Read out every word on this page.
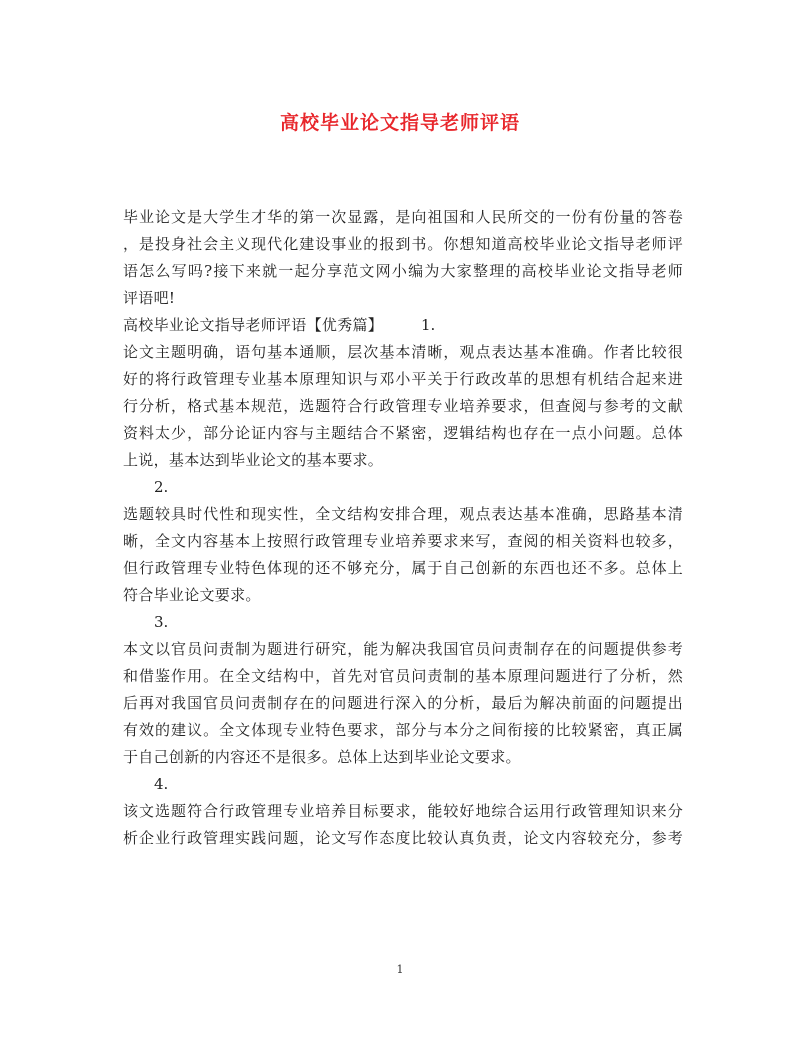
高校毕业论文指导老师评语
毕业论文是大学生才华的第一次显露，是向祖国和人民所交的一份有份量的答卷
，是投身社会主义现代化建设事业的报到书。你想知道高校毕业论文指导老师评
语怎么写吗?接下来就一起分享范文网小编为大家整理的高校毕业论文指导老师
评语吧!
高校毕业论文指导老师评语【优秀篇】	1.
论文主题明确，语句基本通顺，层次基本清晰，观点表达基本准确。作者比较很
好的将行政管理专业基本原理知识与邓小平关于行政改革的思想有机结合起来进
行分析，格式基本规范，选题符合行政管理专业培养要求，但查阅与参考的文献
资料太少，部分论证内容与主题结合不紧密，逻辑结构也存在一点小问题。总体
上说，基本达到毕业论文的基本要求。
2.
选题较具时代性和现实性，全文结构安排合理，观点表达基本准确，思路基本清
晰，全文内容基本上按照行政管理专业培养要求来写，查阅的相关资料也较多，
但行政管理专业特色体现的还不够充分，属于自己创新的东西也还不多。总体上
符合毕业论文要求。
3.
本文以官员问责制为题进行研究，能为解决我国官员问责制存在的问题提供参考
和借鉴作用。在全文结构中，首先对官员问责制的基本原理问题进行了分析，然
后再对我国官员问责制存在的问题进行深入的分析，最后为解决前面的问题提出
有效的建议。全文体现专业特色要求，部分与本分之间衔接的比较紧密，真正属
于自己创新的内容还不是很多。总体上达到毕业论文要求。
4.
该文选题符合行政管理专业培养目标要求，能较好地综合运用行政管理知识来分
析企业行政管理实践问题，论文写作态度比较认真负责，论文内容较充分，参考
1
